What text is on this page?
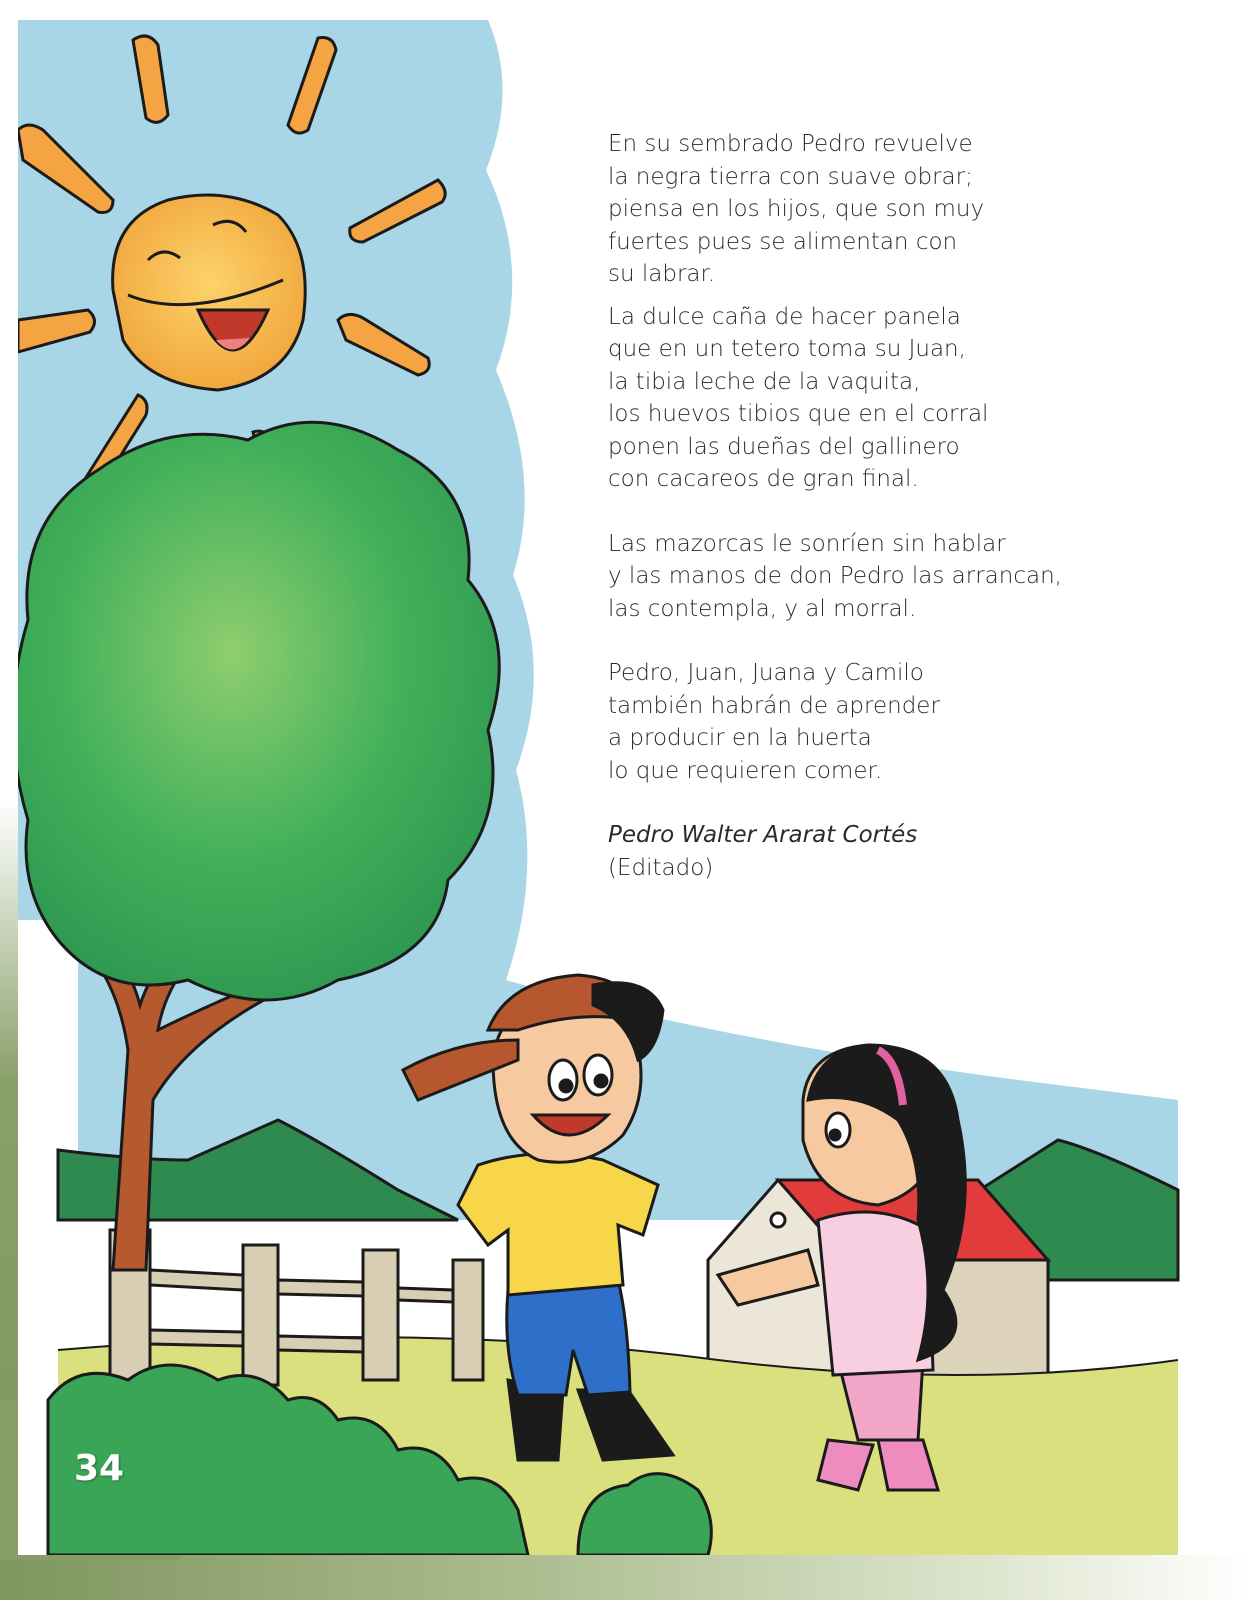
En su sembrado Pedro revuelve
la negra tierra con suave obrar;
piensa en los hijos, que son muy
fuertes pues se alimentan con
su labrar.
La dulce caña de hacer panela
que en un tetero toma su Juan,
la tibia leche de la vaquita,
los huevos tibios que en el corral
ponen las dueñas del gallinero
con cacareos de gran final.
Las mazorcas le sonríen sin hablar
y las manos de don Pedro las arrancan,
las contempla, y al morral.
Pedro, Juan, Juana y Camilo
también habrán de aprender
a producir en la huerta
lo que requieren comer.
Pedro Walter Ararat Cortés
(Editado)
34
